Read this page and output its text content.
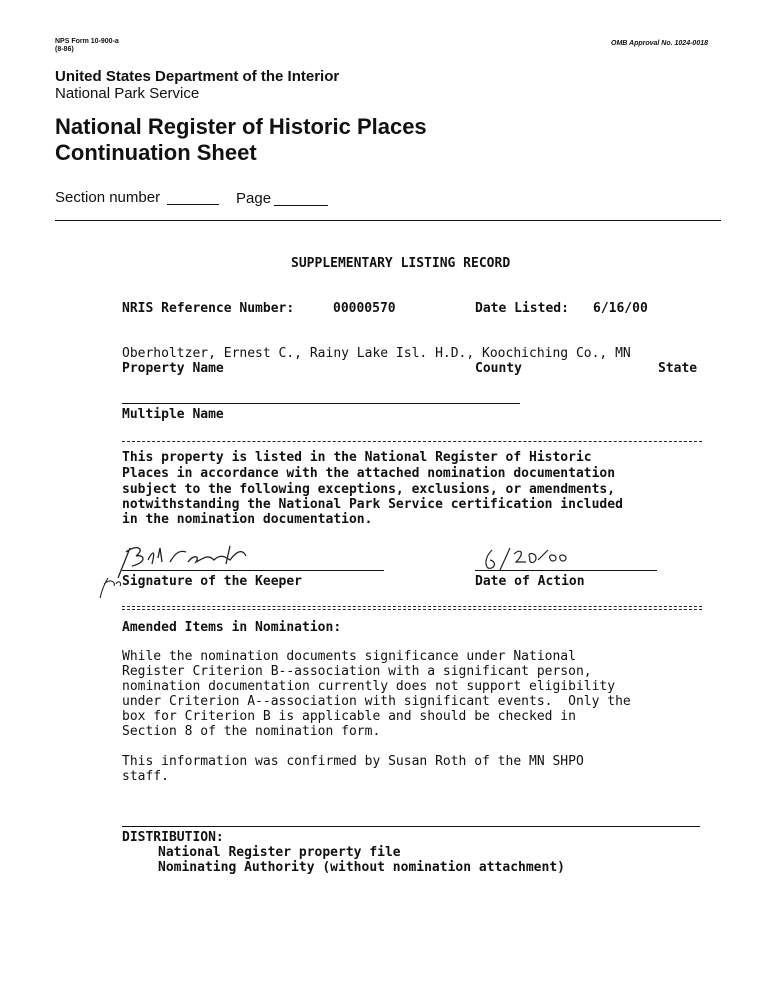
NPS Form 10-900-a
(8-86)
OMB Approval No. 1024-0018
United States Department of the Interior
National Park Service
National Register of Historic Places
Continuation Sheet
Section number	Page
SUPPLEMENTARY LISTING RECORD
NRIS Reference Number:	00000570	Date Listed: 6/16/00
Oberholtzer, Ernest C., Rainy Lake Isl. H.D., Koochiching Co., MN
Property Name	County	State
Multiple Name
This property is listed in the National Register of Historic
Places in accordance with the attached nomination documentation
subject to the following exceptions, exclusions, or amendments,
notwithstanding the National Park Service certification included
in the nomination documentation.
Signature of the Keeper	Date of Action
Amended Items in Nomination:
While the nomination documents significance under National
Register Criterion B--association with a significant person,
nomination documentation currently does not support eligibility
under Criterion A--association with significant events.  Only the
box for Criterion B is applicable and should be checked in
Section 8 of the nomination form.
This information was confirmed by Susan Roth of the MN SHPO
staff.
DISTRIBUTION:
National Register property file
Nominating Authority (without nomination attachment)
